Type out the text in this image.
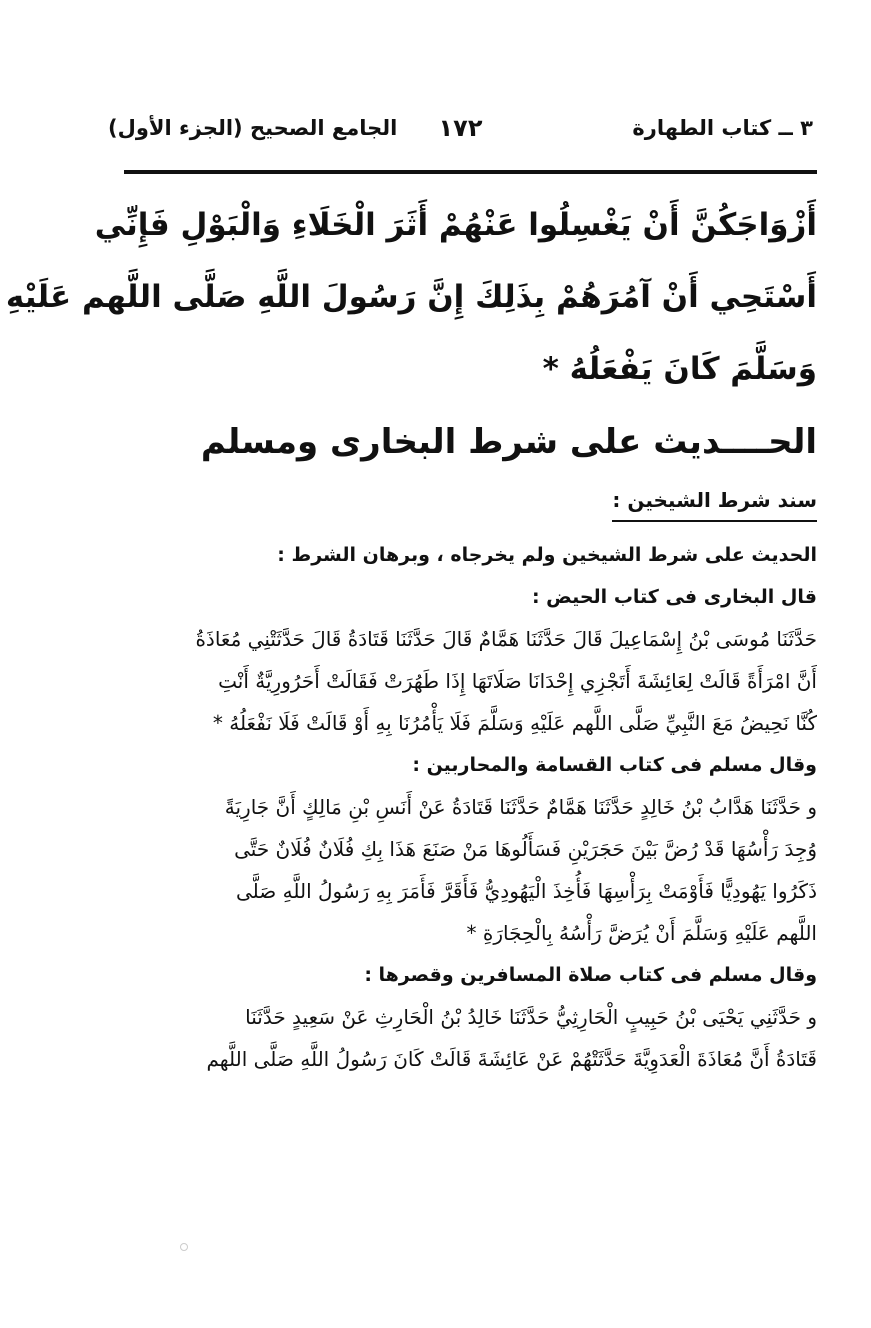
٣ ــ كتاب الطهارة
١٧٢
الجامع الصحيح (الجزء الأول)

أَزْوَاجَكُنَّ أَنْ يَغْسِلُوا عَنْهُمْ أَثَرَ الْخَلَاءِ وَالْبَوْلِ فَإِنِّي

أَسْتَحِي أَنْ آمُرَهُمْ بِذَلِكَ إِنَّ رَسُولَ اللَّهِ صَلَّى اللَّهم عَلَيْهِ

وَسَلَّمَ كَانَ يَفْعَلُهُ *

الحــــديث على شرط البخارى ومسلم
سند شرط الشيخين :

الحديث على شرط الشيخين ولم يخرجاه ، وبرهان الشرط :

قال البخارى فى كتاب الحيض :

حَدَّثَنَا مُوسَى بْنُ إِسْمَاعِيلَ قَالَ حَدَّثَنَا هَمَّامٌ قَالَ حَدَّثَنَا قَتَادَةُ قَالَ حَدَّثَتْنِي مُعَاذَةُ

أَنَّ امْرَأَةً قَالَتْ لِعَائِشَةَ أَتَجْزِي إِحْدَانَا صَلَاتَهَا إِذَا طَهُرَتْ فَقَالَتْ أَحَرُورِيَّةٌ أَنْتِ

كُنَّا نَحِيضُ مَعَ النَّبِيِّ صَلَّى اللَّهم عَلَيْهِ وَسَلَّمَ فَلَا يَأْمُرُنَا بِهِ أَوْ قَالَتْ فَلَا نَفْعَلُهُ *

وقال مسلم فى كتاب القسامة والمحاربين :

و حَدَّثَنَا هَدَّابُ بْنُ خَالِدٍ حَدَّثَنَا هَمَّامٌ حَدَّثَنَا قَتَادَةُ عَنْ أَنَسِ بْنِ مَالِكٍ أَنَّ جَارِيَةً

وُجِدَ رَأْسُهَا قَدْ رُضَّ بَيْنَ حَجَرَيْنِ فَسَأَلُوهَا مَنْ صَنَعَ هَذَا بِكِ فُلَانٌ فُلَانٌ حَتَّى

ذَكَرُوا يَهُودِيًّا فَأَوْمَتْ بِرَأْسِهَا فَأُخِذَ الْيَهُودِيُّ فَأَقَرَّ فَأَمَرَ بِهِ رَسُولُ اللَّهِ صَلَّى

اللَّهم عَلَيْهِ وَسَلَّمَ أَنْ يُرَضَّ رَأْسُهُ بِالْحِجَارَةِ *

وقال مسلم فى كتاب صلاة المسافرين وقصرها :

و حَدَّثَنِي يَحْيَى بْنُ حَبِيبٍ الْحَارِثِيُّ حَدَّثَنَا خَالِدُ بْنُ الْحَارِثِ عَنْ سَعِيدٍ حَدَّثَنَا

قَتَادَةُ أَنَّ مُعَاذَةَ الْعَدَوِيَّةَ حَدَّثَتْهُمْ عَنْ عَائِشَةَ قَالَتْ كَانَ رَسُولُ اللَّهِ صَلَّى اللَّهم
